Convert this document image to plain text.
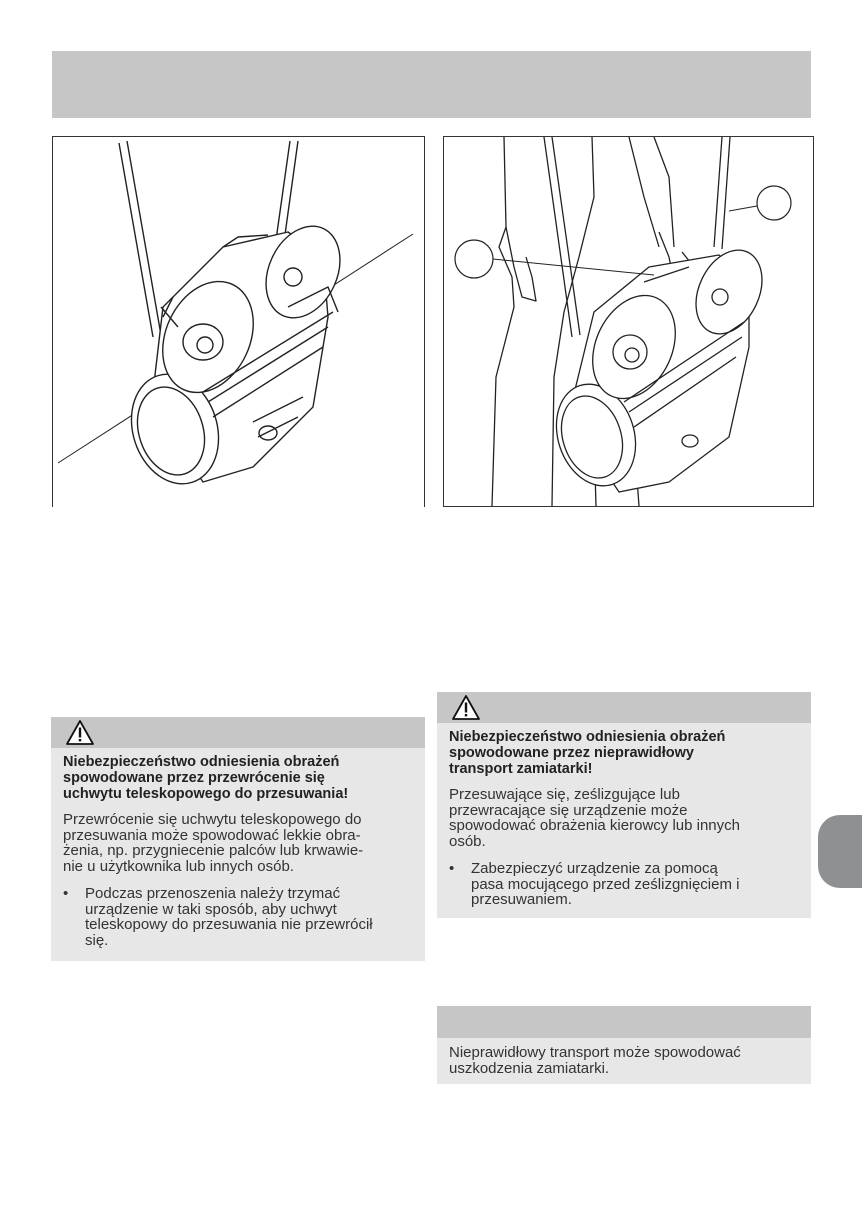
Niebezpieczeństwo odniesienia obrażeń
spowodowane przez przewrócenie się
uchwytu teleskopowego do przesuwania!
Przewrócenie się uchwytu teleskopowego do
przesuwania może spowodować lekkie obra-
żenia, np. przygniecenie palców lub krwawie-
nie u użytkownika lub innych osób.
• Podczas przenoszenia należy trzymać
urządzenie w taki sposób, aby uchwyt
teleskopowy do przesuwania nie przewrócił
się.
Niebezpieczeństwo odniesienia obrażeń
spowodowane przez nieprawidłowy
transport zamiatarki!
Przesuwające się, ześlizgujące lub
przewracające się urządzenie może
spowodować obrażenia kierowcy lub innych
osób.
• Zabezpieczyć urządzenie za pomocą
pasa mocującego przed ześlizgnięciem i
przesuwaniem.
Nieprawidłowy transport może spowodować
uszkodzenia zamiatarki.
